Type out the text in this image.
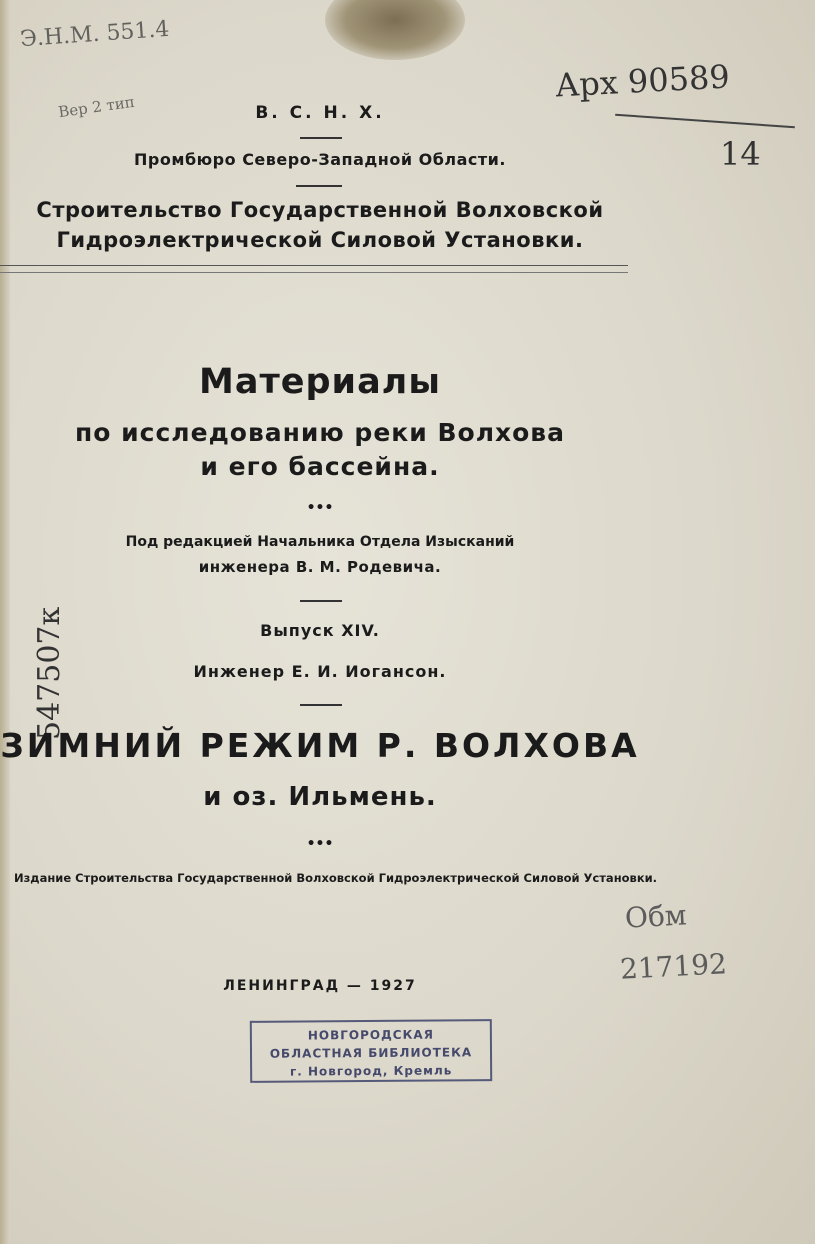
Э.Н.М. 551.4
Вер 2 тип
Арх 90589
14
547507к
Обм
217192
В. С. Н. Х.
Промбюро Северо-Западной Области.
Строительство Государственной Волховской
Гидроэлектрической Силовой Установки.
Материалы
по исследованию реки Волхова
и его бассейна.
•••
Под редакцией Начальника Отдела Изысканий
инженера В. М. Родевича.
Выпуск XIV.
Инженер Е. И. Иогансон.
ЗИМНИЙ РЕЖИМ Р. ВОЛХОВА
и оз. Ильмень.
•••
Издание Строительства Государственной Волховской Гидроэлектрической Силовой Установки.
ЛЕНИНГРАД — 1927
НОВГОРОДСКАЯ
ОБЛАСТНАЯ БИБЛИОТЕКА
г. Новгород, Кремль
